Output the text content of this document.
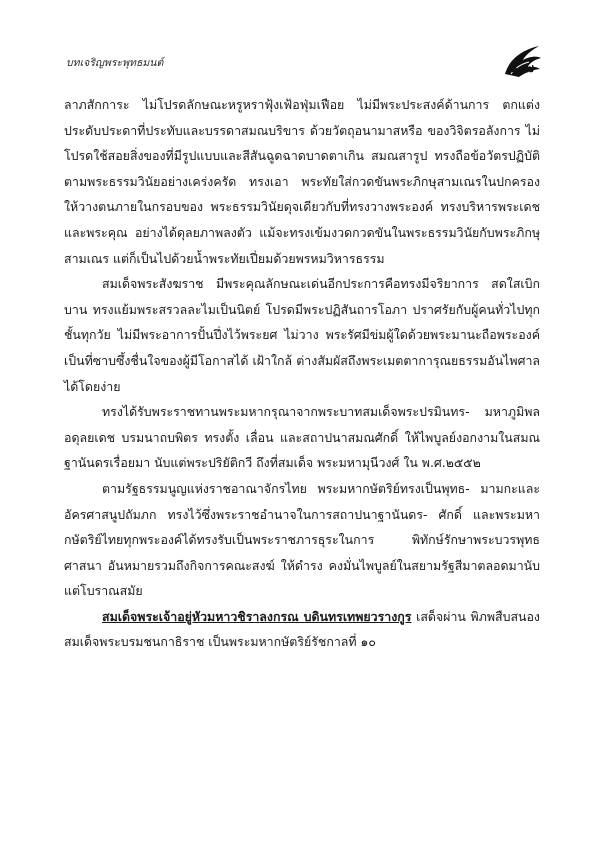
บทเจริญพระพุทธมนต์	๑๐๗

ลาภสักการะ ไม่โปรดลักษณะหรูหราฟุ้งเฟ้อฟุ่มเฟือย ไม่มีพระประสงค์ด้านการ ตกแต่งประดับประดาที่ประทับและบรรดาสมณบริขาร ด้วยวัตถุอนามาสหรือ ของวิจิตรอลังการ ไม่โปรดใช้สอยสิ่งของที่มีรูปแบบและสีสันฉูดฉาดบาดตาเกิน สมณสารูป ทรงถือข้อวัตรปฏิบัติตามพระธรรมวินัยอย่างเคร่งครัด ทรงเอา พระทัยใส่กวดขันพระภิกษุสามเณรในปกครอง ให้วางตนภายในกรอบของ พระธรรมวินัยดุจเดียวกับที่ทรงวางพระองค์ ทรงบริหารพระเดชและพระคุณ อย่างได้ดุลยภาพลงตัว แม้จะทรงเข้มงวดกวดขันในพระธรรมวินัยกับพระภิกษุ สามเณร แต่ก็เป็นไปด้วยน้ำพระทัยเปี่ยมด้วยพรหมวิหารธรรม

สมเด็จพระสังฆราช มีพระคุณลักษณะเด่นอีกประการคือทรงมีจริยาการ สดใสเบิกบาน ทรงแย้มพระสรวลละไมเป็นนิตย์ โปรดมีพระปฏิสันถารโอภา ปราศรัยกับผู้คนทั่วไปทุกชั้นทุกวัย ไม่มีพระอาการปั้นปึ่งไว้พระยศ ไม่วาง พระรัศมีข่มผู้ใดด้วยพระมานะถือพระองค์ เป็นที่ซาบซึ้งชื่นใจของผู้มีโอกาสได้ เฝ้าใกล้ ต่างสัมผัสถึงพระเมตตาการุณยธรรมอันไพศาลได้โดยง่าย

ทรงได้รับพระราชทานพระมหากรุณาจากพระบาทสมเด็จพระปรมินทร- มหาภูมิพลอดุลยเดช บรมนาถบพิตร ทรงตั้ง เลื่อน และสถาปนาสมณศักดิ์ ให้ไพบูลย์งอกงามในสมณฐานันดรเรื่อยมา นับแต่พระปริยัติกวี ถึงที่สมเด็จ พระมหามุนีวงศ์ ใน พ.ศ.๒๕๕๒

ตามรัฐธรรมนูญแห่งราชอาณาจักรไทย พระมหากษัตริย์ทรงเป็นพุทธ- มามกะและอัครศาสนูปถัมภก ทรงไว้ซึ่งพระราชอำนาจในการสถาปนาฐานันดร- ศักดิ์ และพระมหากษัตริย์ไทยทุกพระองค์ได้ทรงรับเป็นพระราชภารธุระในการ	พิทักษ์รักษาพระบวรพุทธศาสนา อันหมายรวมถึงกิจการคณะสงฆ์ ให้ดำรง คงมั่นไพบูลย์ในสยามรัฐสีมาตลอดมานับแต่โบราณสมัย

สมเด็จพระเจ้าอยู่หัวมหาวชิราลงกรณ บดินทรเทพยวรางกูร เสด็จผ่าน พิภพสืบสนองสมเด็จพระบรมชนกาธิราช เป็นพระมหากษัตริย์รัชกาลที่ ๑๐
